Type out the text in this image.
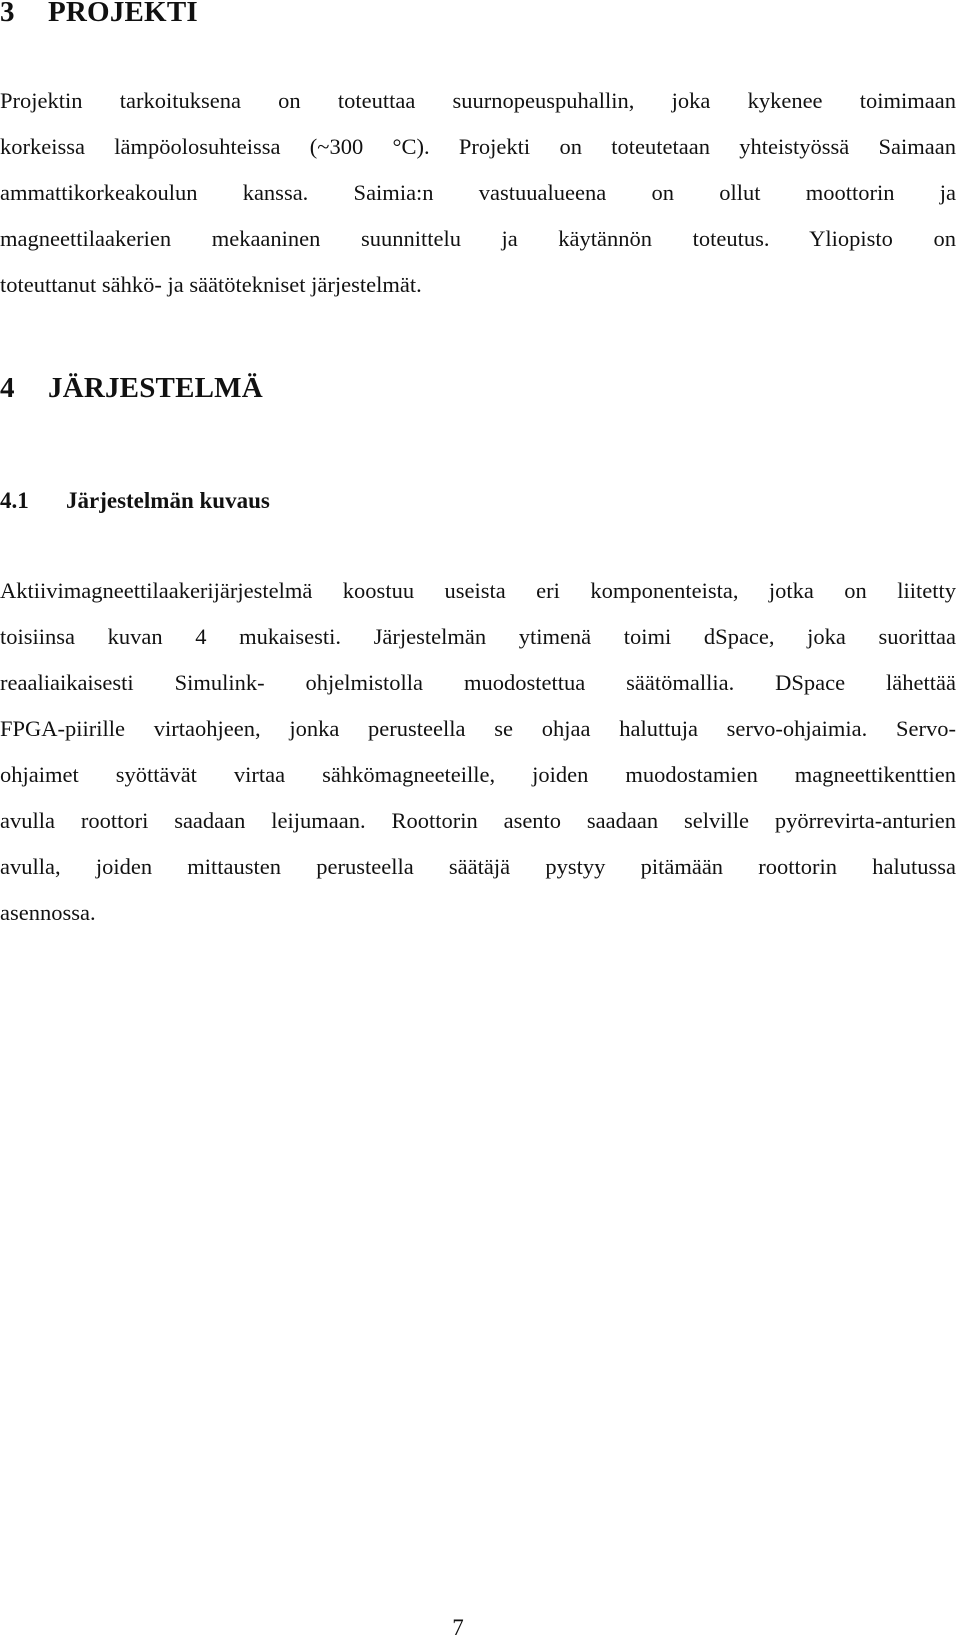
3 PROJEKTI
Projektin tarkoituksena on toteuttaa suurnopeuspuhallin, joka kykenee toimimaan
korkeissa lämpöolosuhteissa (~300 °C). Projekti on toteutetaan yhteistyössä Saimaan
ammattikorkeakoulun kanssa. Saimia:n vastuualueena on ollut moottorin ja
magneettilaakerien mekaaninen suunnittelu ja käytännön toteutus. Yliopisto on
toteuttanut sähkö- ja säätötekniset järjestelmät.
4 JÄRJESTELMÄ
4.1 Järjestelmän kuvaus
Aktiivimagneettilaakerijärjestelmä koostuu useista eri komponenteista, jotka on liitetty
toisiinsa kuvan 4 mukaisesti. Järjestelmän ytimenä toimi dSpace, joka suorittaa
reaaliaikaisesti Simulink- ohjelmistolla muodostettua säätömallia. DSpace lähettää
FPGA-piirille virtaohjeen, jonka perusteella se ohjaa haluttuja servo-ohjaimia. Servo-
ohjaimet syöttävät virtaa sähkömagneeteille, joiden muodostamien magneettikenttien
avulla roottori saadaan leijumaan. Roottorin asento saadaan selville pyörrevirta-anturien
avulla, joiden mittausten perusteella säätäjä pystyy pitämään roottorin halutussa
asennossa.

7
